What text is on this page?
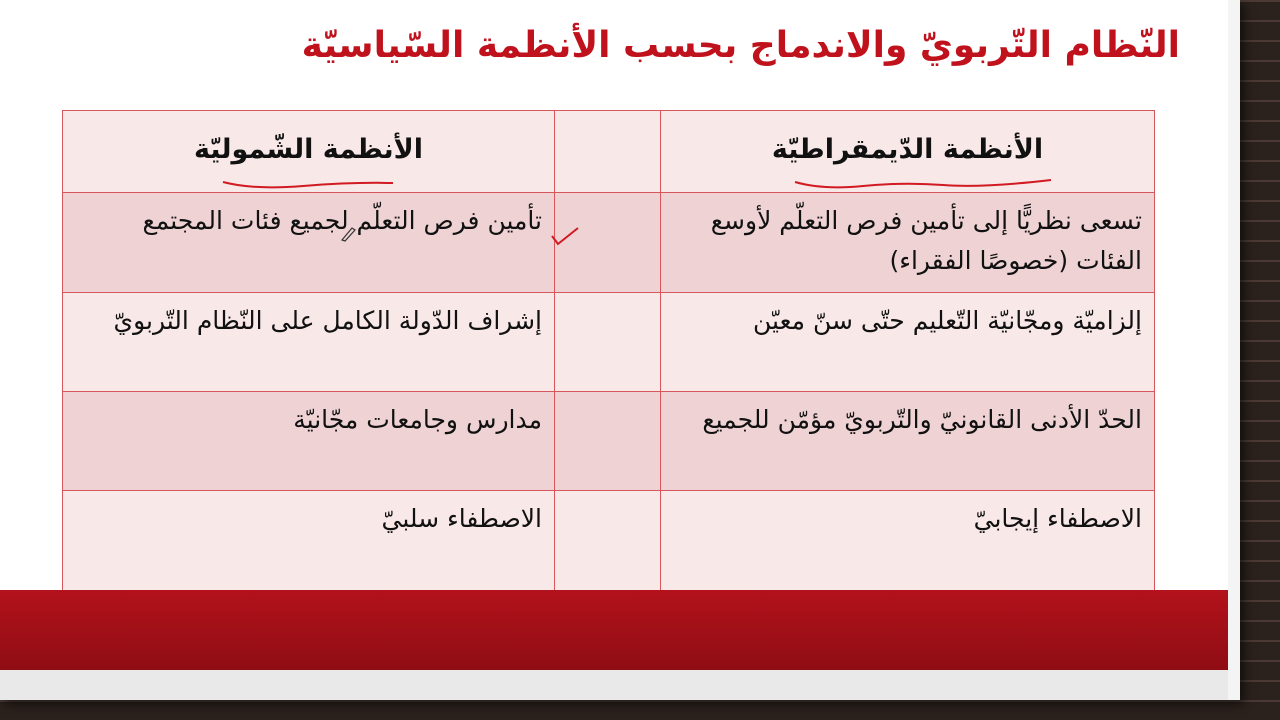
النّظام التّربويّ والاندماج بحسب الأنظمة السّياسيّة
الأنظمة الدّيمقراطيّة		الأنظمة الشّموليّة

تسعى نظريًّا إلى تأمين فرص التعلّم لأوسع الفئات (خصوصًا الفقراء)		تأمين فرص التعلّم لجميع فئات المجتمع
إلزاميّة ومجّانيّة التّعليم حتّى سنّ معيّن		إشراف الدّولة الكامل على النّظام التّربويّ
الحدّ الأدنى القانونيّ والتّربويّ مؤمّن للجميع		مدارس وجامعات مجّانيّة
الاصطفاء إيجابيّ		الاصطفاء سلبيّ
